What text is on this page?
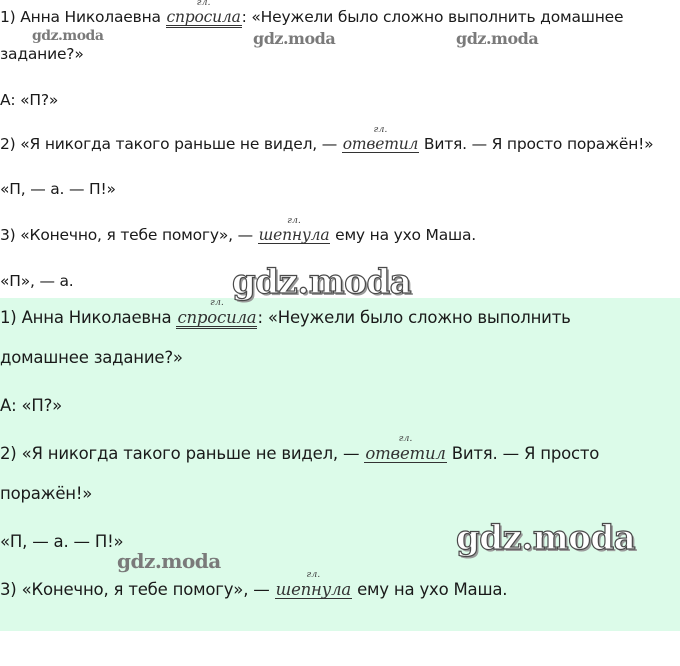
1) Анна Николаевна
гл.
спросила: «Неужели было сложно выполнить домашнее
задание?»
А: «П?»
2) «Я никогда такого раньше не видел, —
гл.
ответил Витя. — Я просто поражён!»
«П, — а. — П!»
3) «Конечно, я тебе помогу», —
гл.
шепнула ему на ухо Маша.
«П», — а.
1) Анна Николаевна
гл.
спросила: «Неужели было сложно выполнить
домашнее задание?»
А: «П?»
2) «Я никогда такого раньше не видел, —
гл.
ответил Витя. — Я просто
поражён!»
«П, — а. — П!»
3) «Конечно, я тебе помогу», —
гл.
шепнула ему на ухо Маша.
gdz.moda	gdz.moda	gdz.moda
gdz.moda
gdz.moda
gdz.moda
